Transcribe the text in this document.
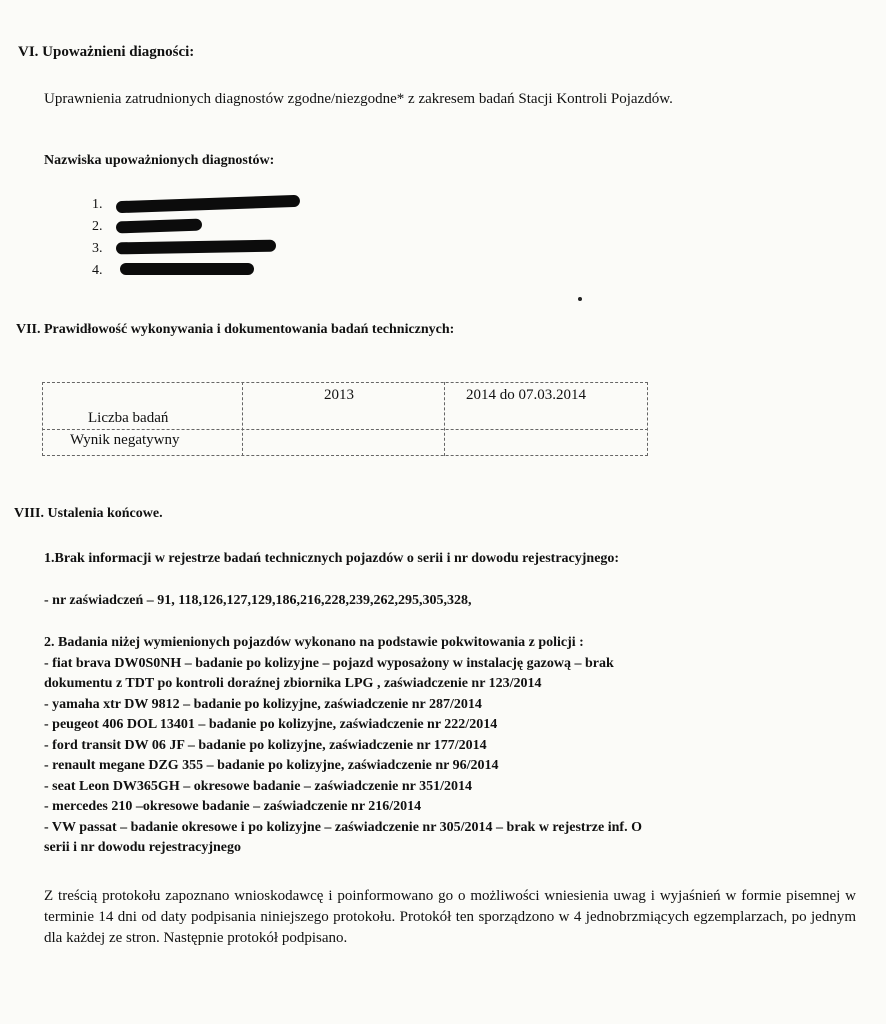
VI. Upoważnieni diagności:
Uprawnienia zatrudnionych diagnostów zgodne/niezgodne* z zakresem badań Stacji Kontroli Pojazdów.
Nazwiska upoważnionych diagnostów:
1.
2.
3.
4.
VII. Prawidłowość wykonywania i dokumentowania badań technicznych:
2013	2014 do 07.03.2014
Liczba badań
Wynik negatywny
VIII. Ustalenia końcowe.
1.Brak informacji w rejestrze badań technicznych pojazdów o serii i nr dowodu rejestracyjnego:
- nr zaświadczeń – 91, 118,126,127,129,186,216,228,239,262,295,305,328,
2. Badania niżej wymienionych pojazdów wykonano na podstawie pokwitowania z policji :
- fiat brava DW0S0NH – badanie po kolizyjne – pojazd wyposażony w instalację gazową – brak
dokumentu z TDT po kontroli doraźnej zbiornika LPG , zaświadczenie nr 123/2014
- yamaha xtr DW 9812 – badanie po kolizyjne, zaświadczenie nr 287/2014
- peugeot 406 DOL 13401 – badanie po kolizyjne, zaświadczenie nr 222/2014
- ford transit DW 06 JF – badanie po kolizyjne, zaświadczenie nr 177/2014
- renault megane DZG 355 – badanie po kolizyjne, zaświadczenie nr 96/2014
- seat Leon DW365GH – okresowe badanie – zaświadczenie nr 351/2014
- mercedes 210 –okresowe badanie – zaświadczenie nr 216/2014
- VW passat – badanie okresowe i po kolizyjne – zaświadczenie nr 305/2014 – brak w rejestrze inf. O
serii i nr dowodu rejestracyjnego
Z treścią protokołu zapoznano wnioskodawcę i poinformowano go o możliwości wniesienia uwag i wyjaśnień w formie pisemnej w terminie 14 dni od daty podpisania niniejszego protokołu. Protokół ten sporządzono w 4 jednobrzmiących egzemplarzach, po jednym dla każdej ze stron. Następnie protokół podpisano.
